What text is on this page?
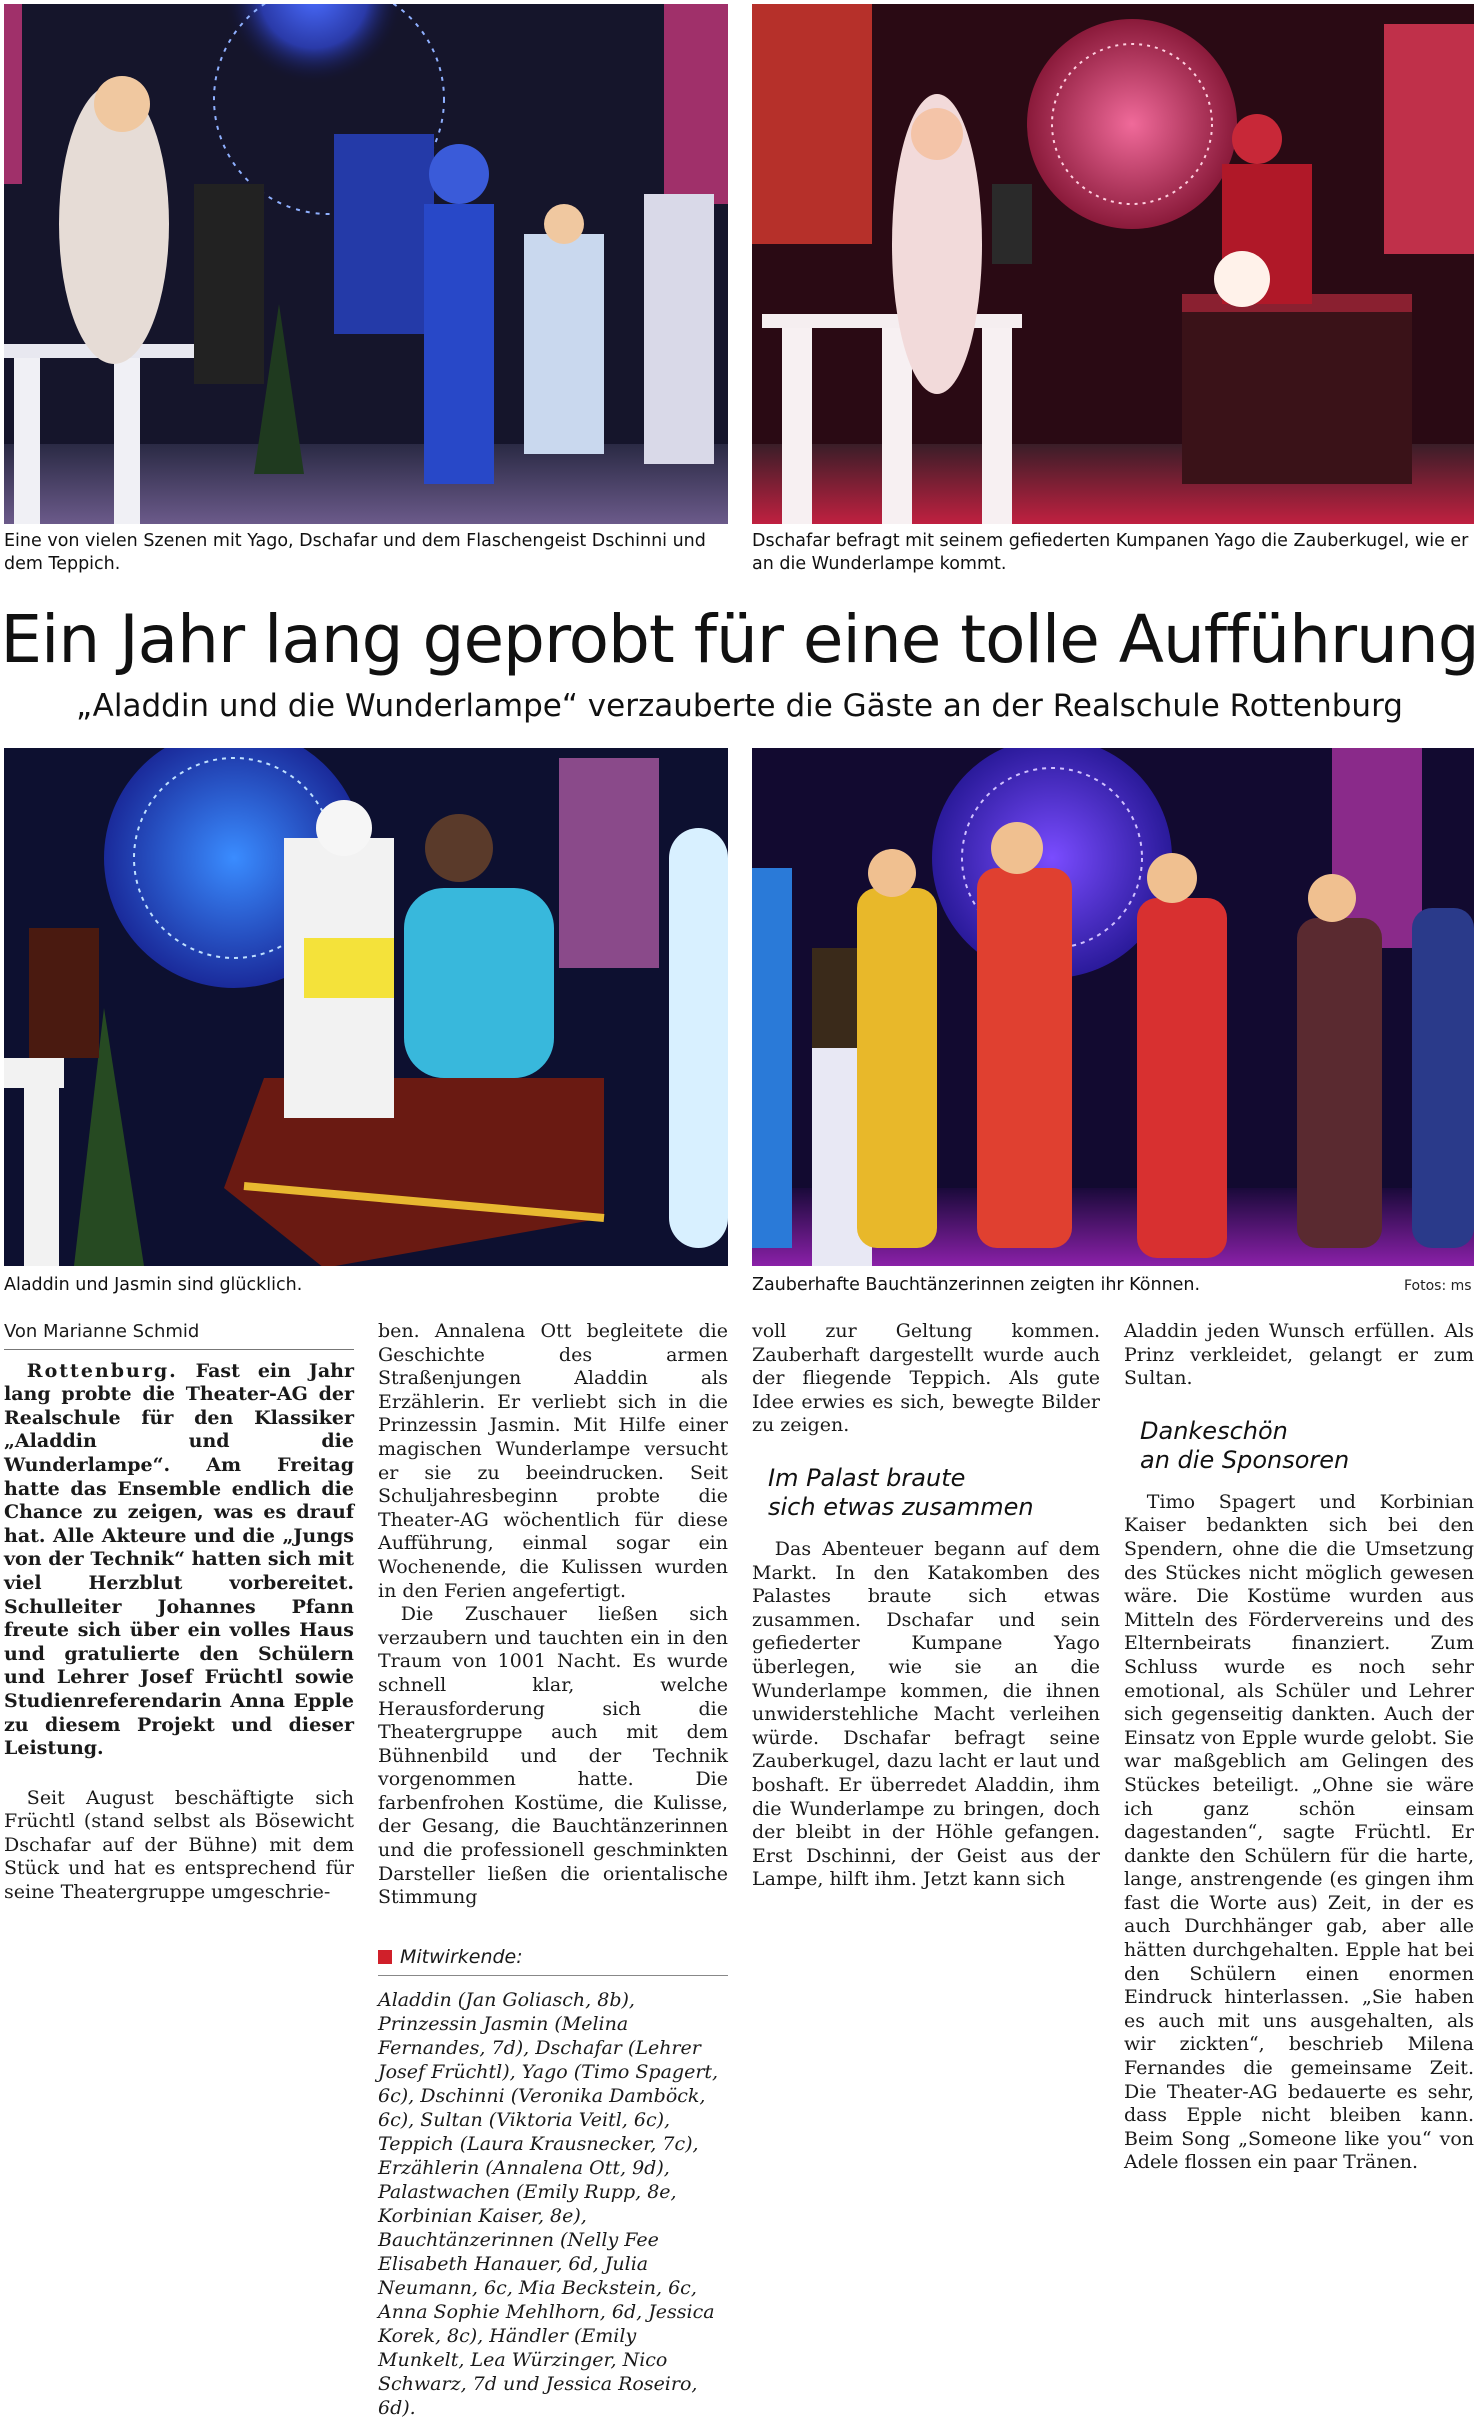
Eine von vielen Szenen mit Yago, Dschafar und dem Flaschengeist Dschinni und dem Teppich.
Dschafar befragt mit seinem gefiederten Kumpanen Yago die Zauberkugel, wie er an die Wunderlampe kommt.
Ein Jahr lang geprobt für eine tolle Aufführung
„Aladdin und die Wunderlampe“ verzauberte die Gäste an der Realschule Rottenburg
Aladdin und Jasmin sind glücklich.	Zauberhafte Bauchtänzerinnen zeigten ihr Können.	Fotos: ms
Von Marianne Schmid

Rottenburg. Fast ein Jahr lang probte die Theater-AG der Realschule für den Klassiker „Aladdin und die Wunderlampe“. Am Freitag hatte das Ensemble endlich die Chance zu zeigen, was es drauf hat. Alle Akteure und die „Jungs von der Technik“ hatten sich mit viel Herzblut vorbereitet. Schulleiter Johannes Pfann freute sich über ein volles Haus und gratulierte den Schülern und Lehrer Josef Früchtl sowie Studienreferendarin Anna Epple zu diesem Projekt und dieser Leistung.

Seit August beschäftigte sich Früchtl (stand selbst als Bösewicht Dschafar auf der Bühne) mit dem Stück und hat es entsprechend für seine Theatergruppe umgeschrie-

ben. Annalena Ott begleitete die Geschichte des armen Straßenjungen Aladdin als Erzählerin. Er verliebt sich in die Prinzessin Jasmin. Mit Hilfe einer magischen Wunderlampe versucht er sie zu beeindrucken. Seit Schuljahresbeginn probte die Theater-AG wöchentlich für diese Aufführung, einmal sogar ein Wochenende, die Kulissen wurden in den Ferien angefertigt.

Die Zuschauer ließen sich verzaubern und tauchten ein in den Traum von 1001 Nacht. Es wurde schnell klar, welche Herausforderung sich die Theatergruppe auch mit dem Bühnenbild und der Technik vorgenommen hatte. Die farbenfrohen Kostüme, die Kulisse, der Gesang, die Bauchtänzerinnen und die professionell geschminkten Darsteller ließen die orientalische Stimmung

Mitwirkende:
Aladdin (Jan Goliasch, 8b), Prinzessin Jasmin (Melina Fernandes, 7d), Dschafar (Lehrer Josef Früchtl), Yago (Timo Spagert, 6c), Dschinni (Veronika Damböck, 6c), Sultan (Viktoria Veitl, 6c), Teppich (Laura Krausnecker, 7c), Erzählerin (Annalena Ott, 9d), Palastwachen (Emily Rupp, 8e, Korbinian Kaiser, 8e), Bauchtänzerinnen (Nelly Fee Elisabeth Hanauer, 6d, Julia Neumann, 6c, Mia Beckstein, 6c, Anna Sophie Mehlhorn, 6d, Jessica Korek, 8c), Händler (Emily Munkelt, Lea Würzinger, Nico Schwarz, 7d und Jessica Roseiro, 6d).

voll zur Geltung kommen. Zauberhaft dargestellt wurde auch der fliegende Teppich. Als gute Idee erwies es sich, bewegte Bilder zu zeigen.

Im Palast braute
sich etwas zusammen

Das Abenteuer begann auf dem Markt. In den Katakomben des Palastes braute sich etwas zusammen. Dschafar und sein gefiederter Kumpane Yago überlegen, wie sie an die Wunderlampe kommen, die ihnen unwiderstehliche Macht verleihen würde. Dschafar befragt seine Zauberkugel, dazu lacht er laut und boshaft. Er überredet Aladdin, ihm die Wunderlampe zu bringen, doch der bleibt in der Höhle gefangen. Erst Dschinni, der Geist aus der Lampe, hilft ihm. Jetzt kann sich

Aladdin jeden Wunsch erfüllen. Als Prinz verkleidet, gelangt er zum Sultan.

Dankeschön
an die Sponsoren

Timo Spagert und Korbinian Kaiser bedankten sich bei den Spendern, ohne die die Umsetzung des Stückes nicht möglich gewesen wäre. Die Kostüme wurden aus Mitteln des Fördervereins und des Elternbeirats finanziert. Zum Schluss wurde es noch sehr emotional, als Schüler und Lehrer sich gegenseitig dankten. Auch der Einsatz von Epple wurde gelobt. Sie war maßgeblich am Gelingen des Stückes beteiligt. „Ohne sie wäre ich ganz schön einsam dagestanden“, sagte Früchtl. Er dankte den Schülern für die harte, lange, anstrengende (es gingen ihm fast die Worte aus) Zeit, in der es auch Durchhänger gab, aber alle hätten durchgehalten. Epple hat bei den Schülern einen enormen Eindruck hinterlassen. „Sie haben es auch mit uns ausgehalten, als wir zickten“, beschrieb Milena Fernandes die gemeinsame Zeit. Die Theater-AG bedauerte es sehr, dass Epple nicht bleiben kann. Beim Song „Someone like you“ von Adele flossen ein paar Tränen.
